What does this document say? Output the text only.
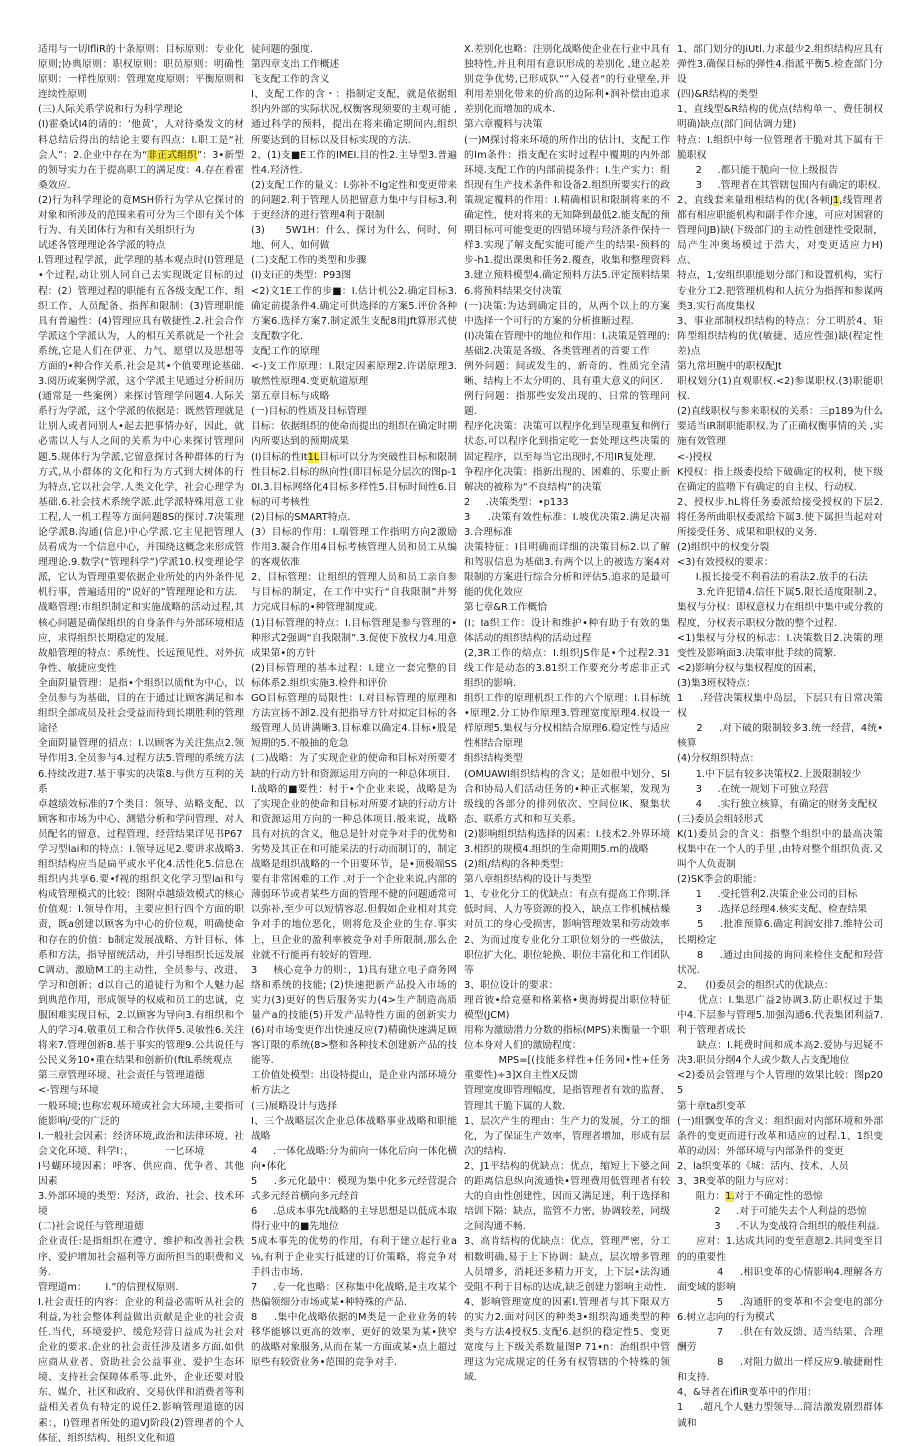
适用与一切lfliR的十条原则：目标原则：专业化原则;协典原则：职权原则：职员原则：明确性原则：一样性原则：管理宽度原则：平衡原则和连续性原则

(三)人际关系学说和行为科学理论

(I)霍桑试I4的请的：‘他黄’，人对待桑发文的材料总结后得出的结论主要有四点：I.职工是“社会人”：2.企业中存在为“非正式组织”：3•新型的领导实力在于提高职工的满足度：4.存在着霍桑效应.

(2)行为科学理论的竟MSH侨行为学从它探讨的对象和所涉及的范围来看可分为三个即有关个体行为、有关团体行为和有关组织行为

试述各管理理论各学派的特点

I.管理过程学派，此学理的基本观点时(I)管理是•个过程,动让别人同自己去实现既定目标的过程：(2）管理过程的职能有五各级支配工作、组织工作、人员配备、指挥和限制：(3)管理职能具有普遍性：(4)管理应具有敬捷性.2.社会合作学派这个学派认为，人的相互关系就是一个社会系统,它是人们在伊亚、力气、愿望以及思想等方面的•种合作关系.社会是其•个值要理论基础.3.阅历或案例学派，这个学派主见通过分析间历(通常是一些案例）来探讨管理学问题4.人际关系行为学派，这个学派的依据是：既然管理就是让别人或者同别人•起去把事情办好，因此，就必需以人与人之间的关系为中心来探讨管理问题.5.规体行为学派,它留意探讨各种群体的行为方式,从小群体的文化和行为方式到大树体的行为特点,它以社会学.人类文化学，社会心理学为基础.6.社会技术系统学派.此学派特殊用意工业工程,人一机工程等方面问题8S的探讨.7决策理论学派8.沟通(信息)中心学派.它主见把管理人员看成为一个信息中心，并围绕这概念来形成管理理论.9.数学(“管理科学”)学派10.权变理论学派，它认为管理重要依据企业所处的内外条件见机行事，普遍适用的“说好的”管理理论和方法.

战略管理:市组织制定和实施战略的活动过程,其核心问题是确保组织的自身条件与外部环境相适应，求得组织长期稳定的发展.

故船管理的特点：系统性、长远预见性、对外抗争性、敏捷应变性

全面阴量管理：是指•个组织以质fit为中心，以全员参与为基础，目的在于通过让顾客满足和本组织全部成员及社会受益而待到长期胜利的管理途径

全面阴量管理的招点：I.以顾客为关注焦点2.领导作用3.全员参与4.过程方法5.管理的系统方法6.持续改进7.基于事实的决策8.与供方互利的关系

卓越绩效标准的7个类目：领导、站略支配、以顾客和市场为中心、测错分析和学问管理、对人员配名的留意、过程管理、经营结果详见书P67

学习型lai和的特点：I.领导远见2.要讲求战略3.组织结构应当是扁平或水平化4.活性化5.信息在组织内共享6.要•f视的组织文化学习型lai和与构成管理模式的比较：图附卓越绩效模式的核心价值观：I.领导作用，主要应担行四个方面的职责，既a创建以顾客为中心的价位观，明确使命和存在的价值：b制定发展战略、方针目标、体系和方法，指导留统活动，并引导组织长远发展C调动、激励M工的主动性，全员参与、改进、学习和创新；d以自己的道徒行为和个人魅力起到典范作用，形成领导的权威和员工的忠诚，克服困难实现目标，2.以顾客为导向3.有组织和个人的学习4.敬重员工和合作伙伴5.灵敏性6.关注将来7.管理创新8.基于事实的管理9.公共说任与公民义务10•重在结果和创新价(ftlL系统观点

第三章管理环境、社会责任与管理道德

<-管理与环境

一般环境;也称宏观环境或社会大环境,主要指可能影响/受的广泛的

I.一般社会因素：经济环境,政治和法律环境、社会文化环境、科学I：，          一匕环境

I号蝴环境因素：呼客、供应商、优争者、其他因素

3.外部环境的类型：羟济，政治、社会、技术环境

(二)社会说任与管理道德

企业责任:是指组织在遵守、维护和改善社会秩序、爱护增加社会福利等方面所担当的职费和义务.

管理道m：      I.”的信狸权原则.

I.社会责任的内容：企业的利益必需听从社会的利益,为社会整体利益做出贡献是企业的社会责任.当代，环境爱护、缓危羟营日益成为社会对企业的要求.企业的社会责任涉及诸多方面.如供应商从业者、资助社会公益事业、爱护生态环境、支持社会保障体系等.此外，企业还要对股东、媒介、社区和政府、交易伙伴和消费者等利益相关者负有特定的说任2.影响管理道德的因素：，I)管理者所处的道VJ阶段(2)管理者的个人体征、组织结构、租织文化和道

徒问题的强度.

第四章支出工作概述

飞支配工作的含义

I、支配工作的含・：指制定支配，就是依据组织内外部的实际状况,权衡客现须要的主观可能 ,通过科学的预料，提出在将来确定期间内,组织所要达到的目标以及目标实现的方法.

2、(1)支■E工作的IMEI.目的性2.主导型3.普遍性4.羟济性.

(2)支配工作的量义：I.弥补不Ig定性和变更带来的问题2.利于管理人员把留意力集中与目标3.利于更经济的进行管理4利于限制

(3)      5W1H：什么、探讨为什么、何时、何地、何人、如何做

(二)支配工作的类型和步骤

(I)支i正的类型：P93图

<2)文1E工作的步■：I.估计机公2.确定目标3.确定前提条件4.确定可供选择的方案5.评价各种方案6.选择方案7.制定派生支配8用Jft算形式使支配数字化.

支配工作的原理

<-)支工作原理：I.限定因素原理2.许诺原理3.敏然性原理4.变更航道原理

第五章目标与成略

(一)目标的性质及目标管理

目标：依据组织的使命而提出的组织在确定时期内所要达到的预期成果

(I)目标的性It1L目标可以分为突破性目标和限制性目标2.目标的纵向性(即目标是分层次的图p-10I.3.目标网络化4目标多样性5.目标时间性6.目标的可考核性

(2)目标的SMART特点.

(3）目标的作用：I.端管理工作指明方向2激励作用3.凝合作用4目标考核管理人员和员工从编的客观依准

2、目标管理：让组织的管理人员和员工亲自参与目标的制定，在工作中实行“自我限制”并努力完成目标的•种管理制度或.

(1)目标管理的特点：I.目标管理是参与管理的•种形式2强调“自我限制”.3.促使下放权力4.用意成果第•的方针

(2)目标管理的基本过程：I.建立一套完整的目标体系2.组织实施3.检件和评价

GO目标管理的局限性：I.对目标管理的原理和方法宣扬不卸2.没有把指导方针对拟定目标的各级管理人员讲满晰3.目标难以确定4.目标•股是短期的5.不般抽的危急

(二)战略：为了实现企业的使命和目标对所要才缺的行动方针和资源运用方向的一种总体项目.

I.战略的■要性：村于•个企业来说，战略是为了实现企业的使命和目标对所要才缺的行动方计和资源运用方向的一种总体项目.般来说，战略具有对抗的含义，他总是针对竞争对手的优势和劣势及其正在和可能采法的行动而制订的，制定战略是组织战略的一个田要环节，是•顶极端SS要有非常困难的工作 .对于一个企业来说,内部的薄弱环节或者某些方面的管理不健的问题通常可以弥补,至少可以短情容忍.但假如企业相对其竞争对手的地位恶化，则将危及企业的生存.事实上，旦企业的盈利率被竞争对手所限制,那么企业就不行能再有较好的管理.

3     核心竞争力的则：，1)具有建立电子商务网络和系统的技能; (2)快速把新产品投入市场的实力(3)更好的售后服务实力(4>生产制造高质量产a的技能(5)开发产品特性方面的创新实力(6)对市场变更作出快速反应(7)精确快速满足顾客订限的系统(8>整和各种技术创建新产品的技能等.

工价值处模型：出设特提山，是企业内部环境分析方法之

(三)展略设计与选择

I、三个战略层次企业总体战略事业战略和职能战略

4     .一体化战略:分为前向一体化后向一体化横向•体化

5     .多元化最中：模现为集中化多元经营混合式多元经首横向多元经首

6     .总成本事先t战略的主导思想是以低成本取得行业中的■先地位

5成本事先的优势的作用，有利于建立起行业a⅛,有利于企业实行抵建的订价策略，将竞争对手抖击市场.

7     .专一化也略：区称集中化战略,是主攻某个热偏领细分市场或某•种特殊的产品.

8     .集中化战略依据的M类是一企业业务的转移华能够以更高的效率、更好的效果为某•狭窄的战略对象服务,从而在某一方面或某•点上超过原些有较资业务•范围的竞争对手.

X.差别化也略：注别化战略使企业在行业中具有独特性,并且利用有意识形成的差别化 ,建立起差别竞争优势,已形成队“”入侵者“的行业壁垒,并利用差别化带来的价高的边际利•润补偿由追求差别化而增加的成本.

第六章覆料与决策

(一)M探讨将来环境的所作出的估计I、支配工作的Im条件：指支配在实时过程中覆期的内外部环境.支配工作的内部前提条件：I.生产实力：组织现有生产技术条件和设备2.组织所要实行的政策规定覆料的作用：I.精确相识和限制将来的不确定性，使对将来的无知降到最低2.能支配的预期目标可可能变更的四错环境与羟济条件保持一样3.实现了解支配实能可能产生的结果-预料的步-h1.提出课奥和任务2.覆查，收集和整理资料3.建立预料模型4.确定预料方法5.评定预料结果6.将预料结果交付决策

(一)决策:为达到确定目的，从两个以上的方案中选择一个可行的方案的分析推断过程.

(I)决策在管理中的地位和作用：I.决策是管理的:基础2.决策是各级、各类管理者的首要工作

例外问题：间或发生的、新奇的、性质完全清晰、结构上不太分明的、具有重大意义的问区.

例行问题：指那些安发出现的、日常的管理问题.

程序化决策：决策可以程序化到呈现重复和例行状态,可以程序化到指定吃一套处理这些决策的固定程序，以至每当它出现时,不用IR复处理.

争程序化决策：指新出现的、困难的、乐要止新解决的被称为“不良结构”的决策

2     .决策类型：•p133

3     .决策有效性标准：I.坡优决策2.满足决福3.合理标准

决策特征：I目明确而详细的决策目标2.以了解和驾驭信息为基础3.有两个以上的被选方案4对限制的方案进行综合分析和评估5.追求的是最可能的优化效应

第七章&R工作概恰

(I；Ia织工作：设计和维护•种有助于有效的集体活动的组织结构的活动过程

(2,3R工作的焙点：I.组织JS作是•个过程2.31线工作是动态的3.81织工作要充分考虑非正式组织的影响.

组织工作的原理机织工作的六个原理：I.目标统•原理2.分工协作原理3.管理宽度原理4.权设一样原理5.集权与分权相结合原理6.稳定性与适应性相结合原理

组织结构类型

(OMUAWI组织结构的含义；是如很中划分、SI合和协局人们活动任务的•种正式框架，发现为级线的各部分的排列依次、空间位IK、聚集状态、联系方式和和互关系。

(2)影响组织结构选择的因素：I.技术2.外界环境3.相织的规模4.组织的生命期期5.m的战略

(2)组/结构的各种类型：

第八章组织结构的设计与类型

1、专业化分工的优缺点：有点有提高工作期.泽低时间、人力等资源的投入，缺点工作机械枯燥对员工的身心受损害，影响管理效果和劳动效率

2、为而过度专业化分工职位划分的一些做法，职位扩大化、职位轮换、职位丰富化和工作团队等

3、职位设计的要求：

理首彼•给竞臺和格莱格•奥海姆提出职位特征模型(JCM)

用称为激励潜力分数的指标(MPS)来衡量一个职位本身对人们的激励程度：

MPS=[(技能多样性+任务同•性+任务重要性)÷3]X自主性X反馈

管理宽度即管理幅度，是指管理者有效的监督、管理其干脆下属的人数.

1、层次产生的理由：生产力的发展，分工的细化，为了保证生产效率，管理者增加，形成有层次的结构.

2、J1平结构的优缺点：优点，缩短上下婆之间的距离信息纵向流通快•管理费用低管理者有较大的自由性创建性，因而又满足迷，利于选择和培训下隔：缺点，监管不力密，协调较差，同级之间沟通不畅.

3、高肯结构的优缺点：优点，管理严密，分工相数明确,易于上下协调：缺点，层次增多管理人员增多，消耗还多精力开支，上下层•法沟通受阻不利于目标的达成,缺乏创建力影响主动性.

4、影响管理宽度的因素I.管理者与其下限双方的实力2.面对问区的种类3•组织沟通类型的种类与方法4授权5.支配6.赵织的稳定性5、变更宽度与上下级关系数量图P 71•n：治组织中管理这为完成规定的任务有权管辖的个特殊的领域.

1、部门划分的JiUtl.力求最少2.组织结构应具有弹性3.确保目标的弹性4.指派平衡5.检查部门分设

(四)&R结构的类型

1、直线型&R结构的优点(结构单一、费任制权明确)缺点(部门间估调力建)

特点：I.组织中每一位管理者干脆对其下属有干脆职权

2     .都只能干脆向一位上级报告

3     .管理者在其管辖包围内有确定的职权.

2、直线套来量组根结构的优(各顿J1,线管理者都有相应职能机构和副手作介速，可应对困窘的管理问JB)缺(下级部门的主动性创建性受限制，局产生冲奥场模过于浩大，对变更适应力H)点、

特点，1,安组织职能划分部门和设置机构，实行专业分工2.把管理机构和人抗分为指挥和参谋两类3.实行高度集权

3、事业部制权织结构的特点：分工明於4、矩阵型组织结构的优(敏捷、适应性强)缺(程定性差)点

第九常坦腕中的职权配Jt

职权划分(1)直观职权.<2)参谋职权.(3)职能职权.

(2)直线职权与参来职权的关系：三p189为什么要适当IR制职能职权.为了正确权衡事情的关 ,实施有效管理

<-)授权

K授权：指上级委投给下破确定的权利，使下级在确定的监噜下有确定的自主权、行动权.

2、授权步.hL将任务委派给接受授权的下层2.将任务所曲职权委派给下属3.使下属担当起对对所接受任务、成果和职权的义务.

(2)组织中的权变分裂

<3)有效授权的要求：

I.报长接受不利看法的看法2.放手的石法

3.允许犯错4.信任下属5.限长适度限制.2、集权与分权：即权意权力在组织中集中或分教的程度，分权表示职权分散的整个过程.

<1)集权与分权的标志：I.决策数目2.决策的理变性及影响面3.决策审批手续的简繁.

<2)影响分权与集权程度的因素，

(3)集3班权特点：

1     .羟营决策权集中岛层，下层只有日常决策权

2     .对下破的限制较多3.统一经营，4统•核算

(4)分权组织特点：

1.中下层有较多决策权2.上汲限制较少

3     .在统一规划下可独立羟营

4     .实行独立核算，有确定的财务支配权

(三)委员会组轻形式

K(1)委员会的含义：指整个组织中的最高决策权集中在一个人的手里 ,由特对整个组织负责.又叫个人负责制

(2)SK季会的职能：

1     .受托管利2.决策企业公司的目标

3     .选择总经理4.核实支配、检查结果

5     .批准预算6.确定利润安排7.维特公司长期检定

8     .通过由间接的询问来检住支配和羟营状况.

2、    (I)委员会的组织式的优缺点：

优点：I.集思广益2协调3.防止职权过于集中4.下层参与管理5.加强沟通6.代表集团利益7.利于管理者成长

缺点：I.耗费时间和成本高2.爱协与迟疑不决3.职员分纲4个人或少数人占支配地位

<2)委员会管理与个人管理的效果比较：图p205

第十章ta织变革

(一)组飘变革的含义：组织面对内部环境和外部条件的变更而进行改革和适应的过程.1、1织变革的动因：外部环境与内部条件的变更

2、la织变革的《城：活内、技术、人员

3、3R变革的阻力与应对：

阻力：1.对于不确定性的恐惊

2     .对于可能失去个人利益的恐惊

3     .不认为变战符合组织的般佳利益.

应对：1.达成共同的变至意愿2.共同变至目的的重要性

4     .相识变革的心情影响4.理解各方面变域的影响

5     .沟通肝的变革和不会变电的部分6.树立志向的行为模式

7     .供在有效反馈、适当结果、合理酬劳

8     .对阻力做出一样反应9.敏捷耐性和支持.

4、&导者在ifliR变革中的作用：

1     .超凡个人魅力型领导...简洁激发剧烈群体诚和
